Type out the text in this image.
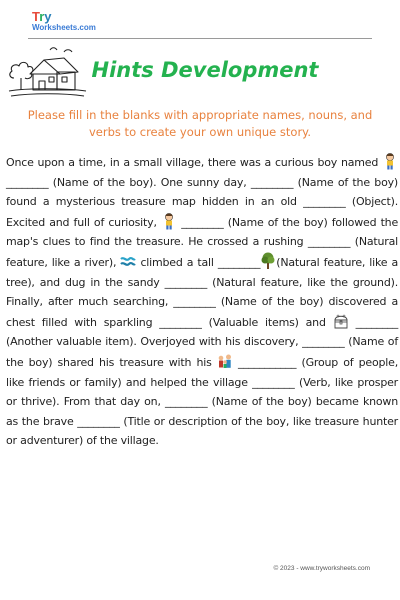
Try
Worksheets.com
Hints Development
Please fill in the blanks with appropriate names, nouns, and verbs to create your own unique story.
Once upon a time, in a small village, there was a curious boy named  ________ (Name of the boy). One sunny day, ________ (Name of the boy) found a mysterious treasure map hidden in an old ________ (Object). Excited and full of curiosity, ________ (Name of the boy) followed the map's clues to find the treasure. He crossed a rushing ________ (Natural feature, like a river), climbed a tall ________ (Natural feature, like a tree), and dug in the sandy ________ (Natural feature, like the ground). Finally, after much searching, ________ (Name of the boy) discovered a chest filled with sparkling ________ (Valuable items) and	________ (Another valuable item). Overjoyed with his discovery, ________ (Name of the boy) shared his treasure with his ___________ (Group of people, like friends or family) and helped the village ________ (Verb, like prosper or thrive). From that day on, ________ (Name of the boy) became known as the brave ________ (Title or description of the boy, like treasure hunter or adventurer) of the village.
© 2023 - www.tryworksheets.com
